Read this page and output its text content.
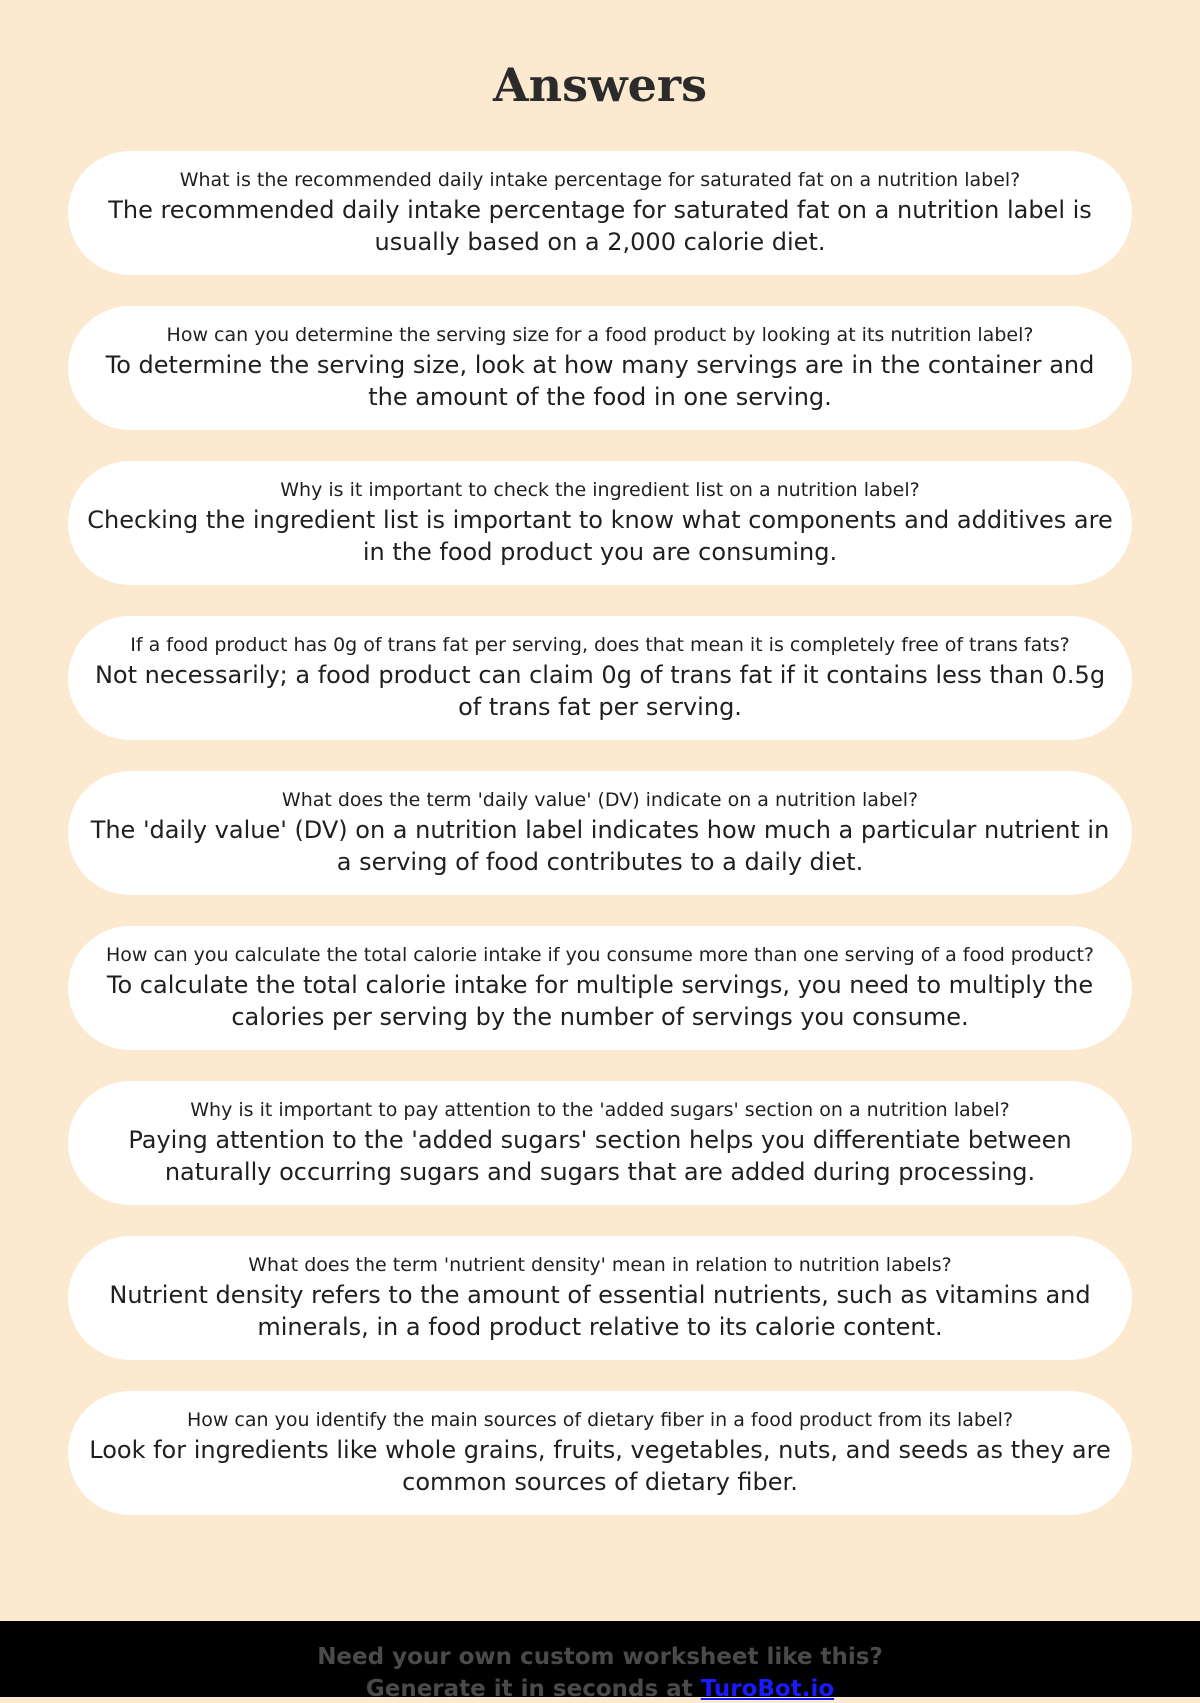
Answers
What is the recommended daily intake percentage for saturated fat on a nutrition label?
The recommended daily intake percentage for saturated fat on a nutrition label is usually based on a 2,000 calorie diet.
How can you determine the serving size for a food product by looking at its nutrition label?
To determine the serving size, look at how many servings are in the container and the amount of the food in one serving.
Why is it important to check the ingredient list on a nutrition label?
Checking the ingredient list is important to know what components and additives are in the food product you are consuming.
If a food product has 0g of trans fat per serving, does that mean it is completely free of trans fats?
Not necessarily; a food product can claim 0g of trans fat if it contains less than 0.5g of trans fat per serving.
What does the term 'daily value' (DV) indicate on a nutrition label?
The 'daily value' (DV) on a nutrition label indicates how much a particular nutrient in a serving of food contributes to a daily diet.
How can you calculate the total calorie intake if you consume more than one serving of a food product?
To calculate the total calorie intake for multiple servings, you need to multiply the calories per serving by the number of servings you consume.
Why is it important to pay attention to the 'added sugars' section on a nutrition label?
Paying attention to the 'added sugars' section helps you differentiate between naturally occurring sugars and sugars that are added during processing.
What does the term 'nutrient density' mean in relation to nutrition labels?
Nutrient density refers to the amount of essential nutrients, such as vitamins and minerals, in a food product relative to its calorie content.
How can you identify the main sources of dietary fiber in a food product from its label?
Look for ingredients like whole grains, fruits, vegetables, nuts, and seeds as they are common sources of dietary fiber.
Need your own custom worksheet like this?
Generate it in seconds at TuroBot.io
